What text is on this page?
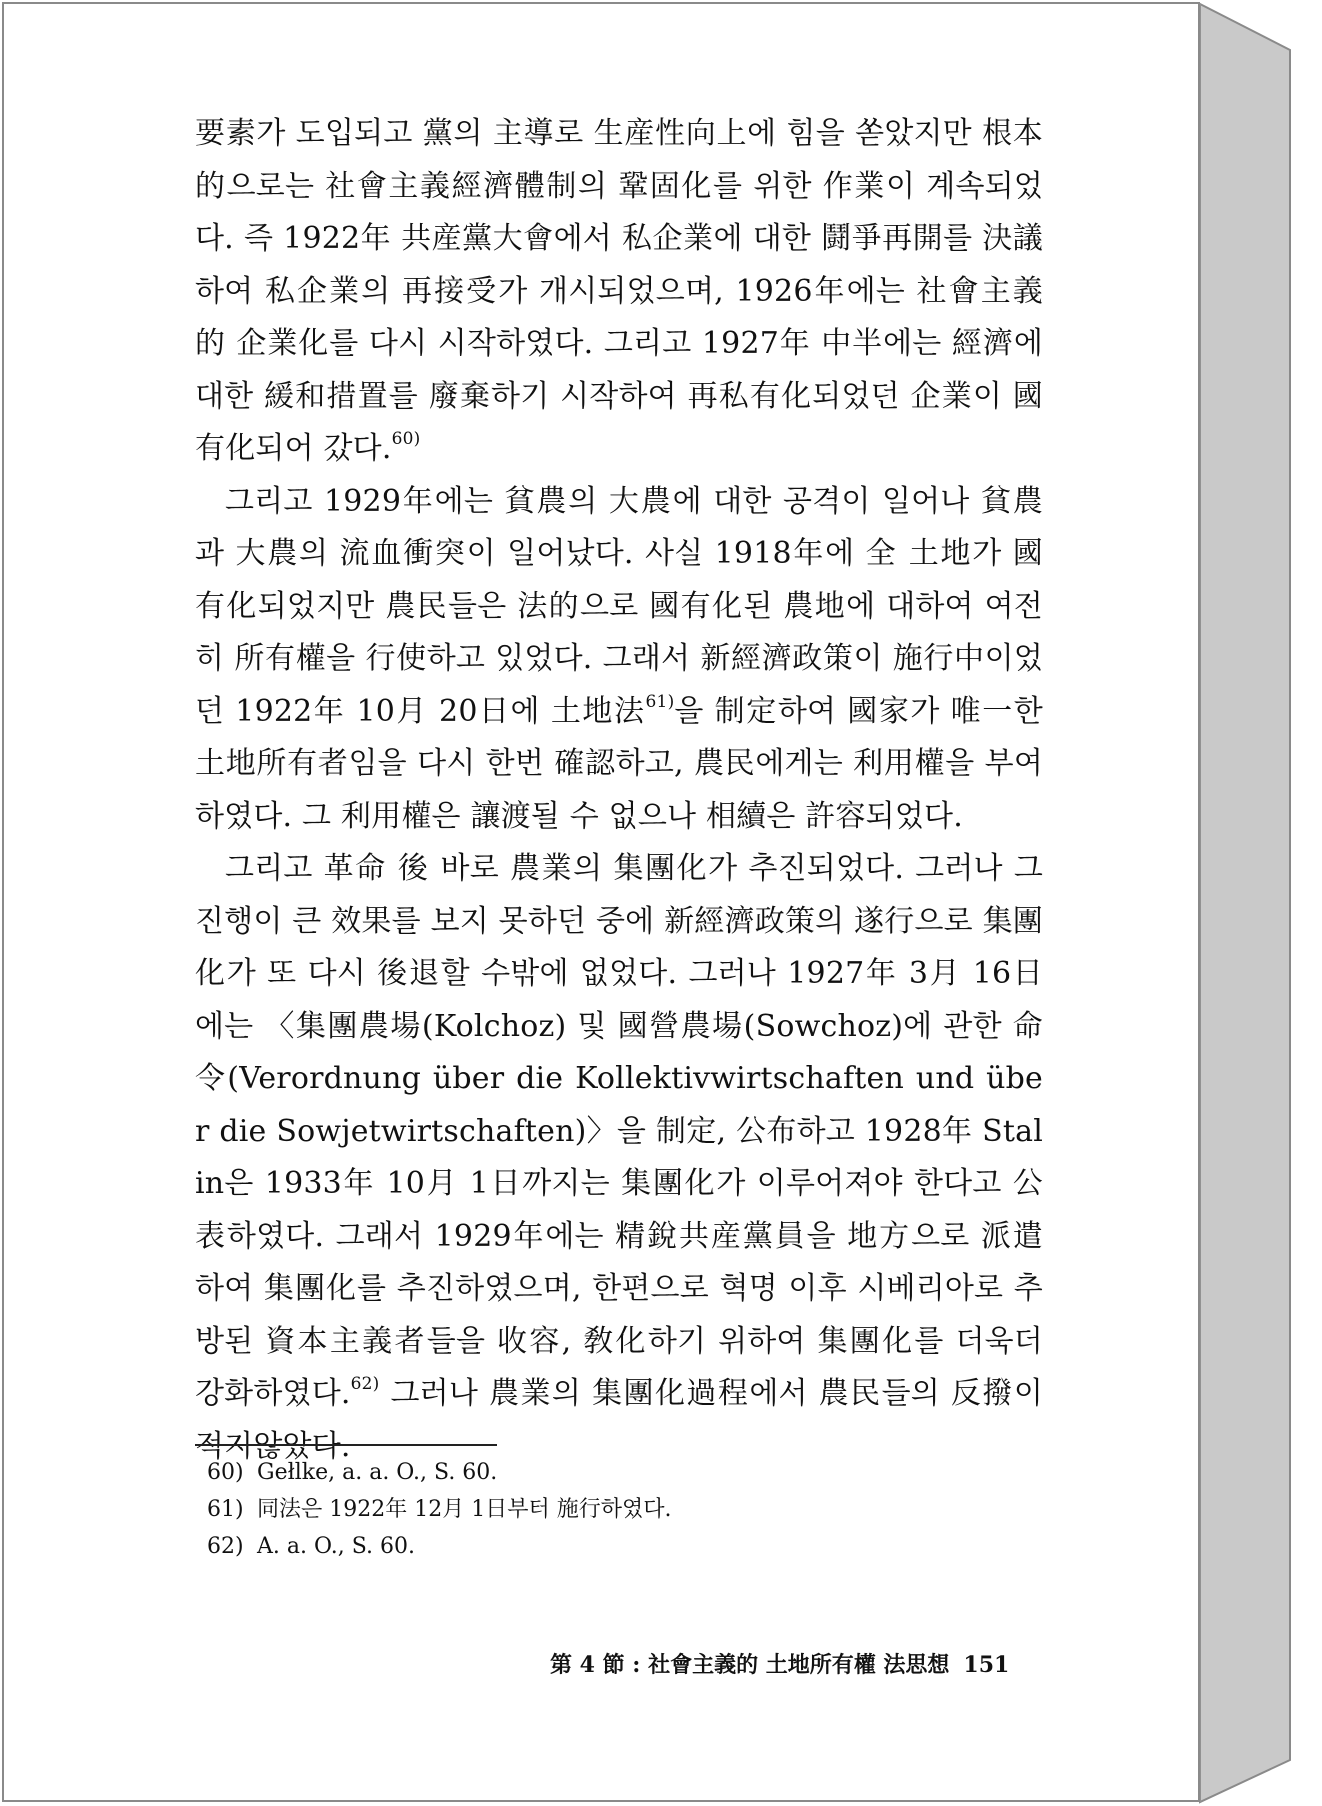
要素가 도입되고 黨의 主導로 生産性向上에 힘을 쏟았지만 根本的으로는 社會主義經濟體制의 鞏固化를 위한 作業이 계속되었다. 즉 1922年 共産黨大會에서 私企業에 대한 鬪爭再開를 決議하여 私企業의 再接受가 개시되었으며, 1926年에는 社會主義的 企業化를 다시 시작하였다. 그리고 1927年 中半에는 經濟에 대한 緩和措置를 廢棄하기 시작하여 再私有化되었던 企業이 國有化되어 갔다.$^{60)}$

그리고 1929年에는 貧農의 大農에 대한 공격이 일어나 貧農과 大農의 流血衝突이 일어났다. 사실 1918年에 全 土地가 國有化되었지만 農民들은 法的으로 國有化된 農地에 대하여 여전히 所有權을 行使하고 있었다. 그래서 新經濟政策이 施行中이었던 1922年 10月 20日에 土地法$^{61)}$을 制定하여 國家가 唯一한 土地所有者임을 다시 한번 確認하고, 農民에게는 利用權을 부여하였다. 그 利用權은 讓渡될 수 없으나 相續은 許容되었다.

그리고 革命 後 바로 農業의 集團化가 추진되었다. 그러나 그 진행이 큰 效果를 보지 못하던 중에 新經濟政策의 遂行으로 集團化가 또 다시 後退할 수밖에 없었다. 그러나 1927年 3月 16日에는 〈集團農場(Kolchoz) 및 國營農場(Sowchoz)에 관한 命令(Verordnung über die Kollektivwirtschaften und über die Sowjetwirtschaften)〉을 制定, 公布하고 1928年 Stalin은 1933年 10月 1日까지는 集團化가 이루어져야 한다고 公表하였다. 그래서 1929年에는 精銳共産黨員을 地方으로 派遣하여 集團化를 추진하였으며, 한편으로 혁명 이후 시베리아로 추방된 資本主義者들을 收容, 敎化하기 위하여 集團化를 더욱더 강화하였다.$^{62)}$ 그러나 農業의 集團化過程에서 農民들의 反撥이 적지않았다.

60) Gełlke, a. a. O., S. 60.

61) 同法은 1922年 12月 1日부터 施行하였다.

62) A. a. O., S. 60.

第 4 節 : 社會主義的 土地所有權 法思想 151
